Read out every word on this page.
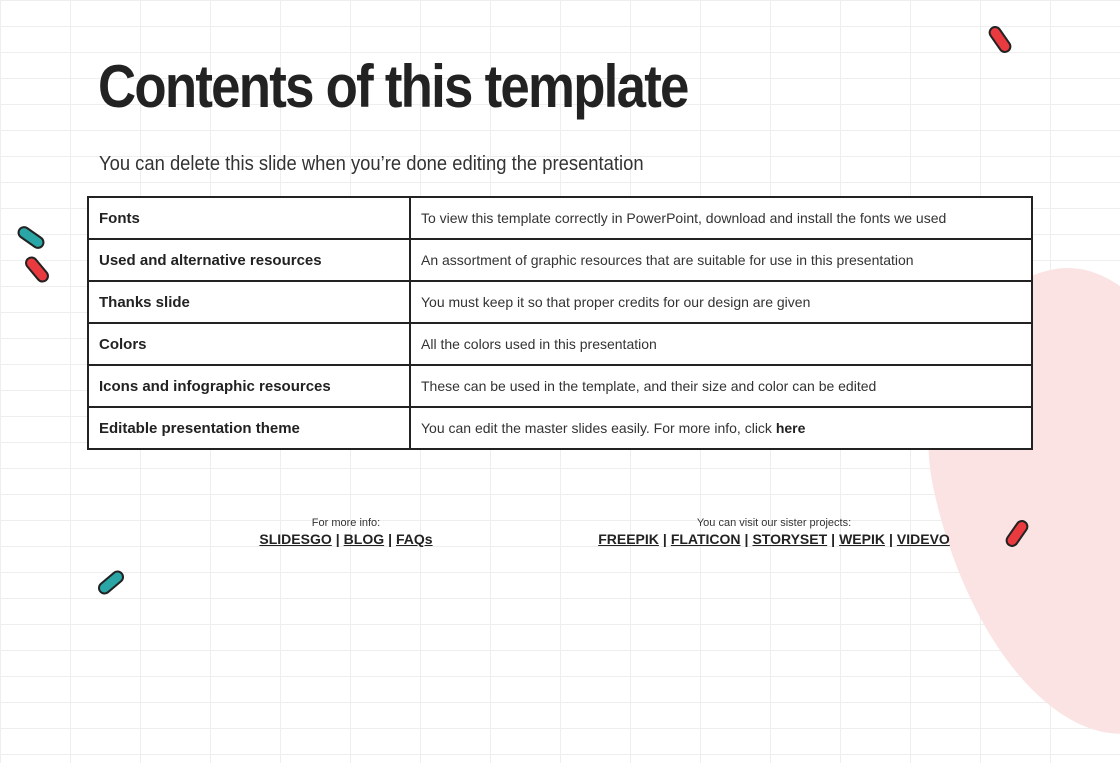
Contents of this template

You can delete this slide when you’re done editing the presentation

Fonts	To view this template correctly in PowerPoint, download and install the fonts we used
Used and alternative resources	An assortment of graphic resources that are suitable for use in this presentation
Thanks slide	You must keep it so that proper credits for our design are given
Colors	All the colors used in this presentation
Icons and infographic resources	These can be used in the template, and their size and color can be edited
Editable presentation theme	You can edit the master slides easily. For more info, click here
For more info:
SLIDESGO | BLOG | FAQs
You can visit our sister projects:
FREEPIK | FLATICON | STORYSET | WEPIK | VIDEVO
